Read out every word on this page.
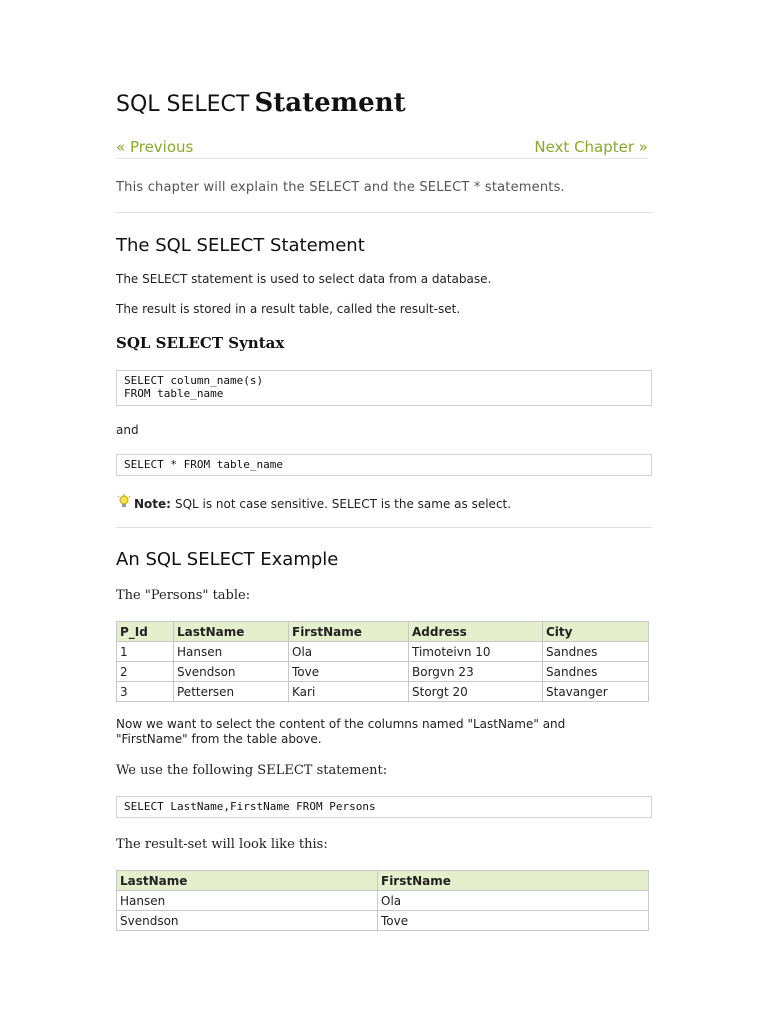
SQL SELECT Statement
« Previous	Next Chapter »
This chapter will explain the SELECT and the SELECT * statements.
The SQL SELECT Statement
The SELECT statement is used to select data from a database.
The result is stored in a result table, called the result-set.
SQL SELECT Syntax
SELECT column_name(s)
FROM table_name
and
SELECT * FROM table_name
Note: SQL is not case sensitive. SELECT is the same as select.
An SQL SELECT Example
The "Persons" table:
P_Id	LastName	FirstName	Address	City
1	Hansen	Ola	Timoteivn 10	Sandnes
2	Svendson	Tove	Borgvn 23	Sandnes
3	Pettersen	Kari	Storgt 20	Stavanger
Now we want to select the content of the columns named "LastName" and "FirstName" from the table above.
We use the following SELECT statement:
SELECT LastName,FirstName FROM Persons
The result-set will look like this:
LastName	FirstName
Hansen	Ola
Svendson	Tove
